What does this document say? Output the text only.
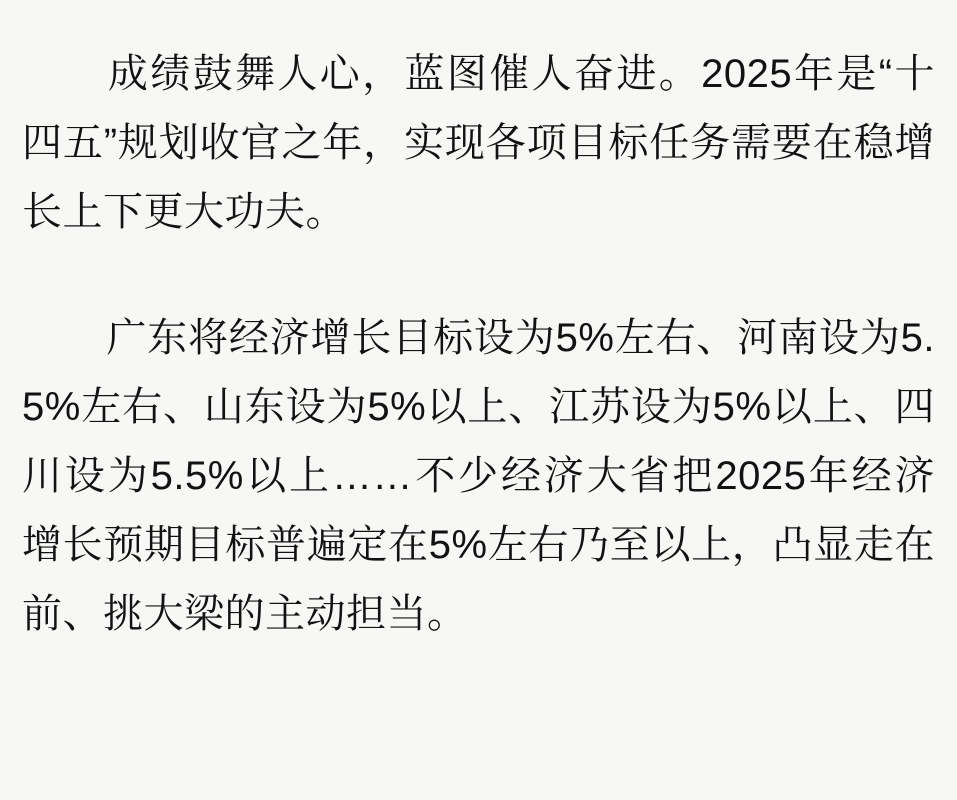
成绩鼓舞人心，蓝图催人奋进。2025年是“十四五”规划收官之年，实现各项目标任务需要在稳增长上下更大功夫。

广东将经济增长目标设为5%左右、河南设为5.5%左右、山东设为5%以上、江苏设为5%以上、四川设为5.5%以上……不少经济大省把2025年经济增长预期目标普遍定在5%左右乃至以上，凸显走在前、挑大梁的主动担当。
